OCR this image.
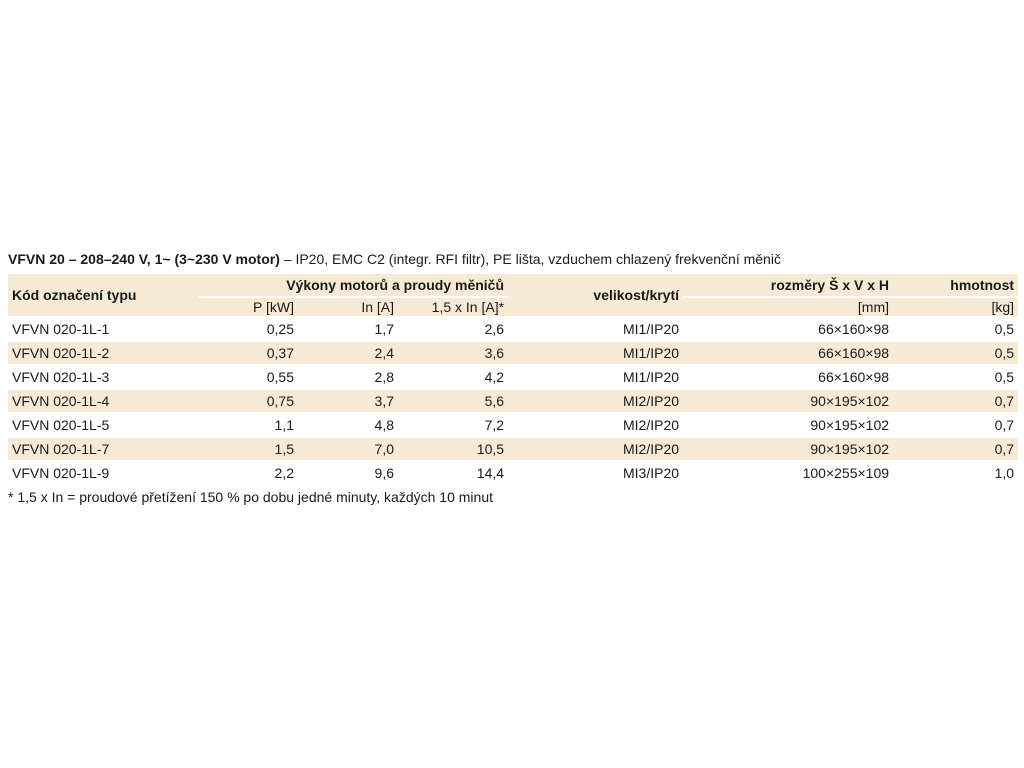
VFVN 20 – 208–240 V, 1~ (3~230 V motor) – IP20, EMC C2 (integr. RFI filtr), PE lišta, vzduchem chlazený frekvenční měnič
Kód označení typu	Výkony motorů a proudy měničů			velikost/krytí	rozměry Š x V x H	hmotnost
	P [kW]	In [A]	1,5 x In [A]*		[mm]	[kg]
VFVN 020-1L-1	0,25	1,7	2,6	MI1/IP20	66×160×98	0,5
VFVN 020-1L-2	0,37	2,4	3,6	MI1/IP20	66×160×98	0,5
VFVN 020-1L-3	0,55	2,8	4,2	MI1/IP20	66×160×98	0,5
VFVN 020-1L-4	0,75	3,7	5,6	MI2/IP20	90×195×102	0,7
VFVN 020-1L-5	1,1	4,8	7,2	MI2/IP20	90×195×102	0,7
VFVN 020-1L-7	1,5	7,0	10,5	MI2/IP20	90×195×102	0,7
VFVN 020-1L-9	2,2	9,6	14,4	MI3/IP20	100×255×109	1,0
* 1,5 x In = proudové přetížení 150 % po dobu jedné minuty, každých 10 minut
